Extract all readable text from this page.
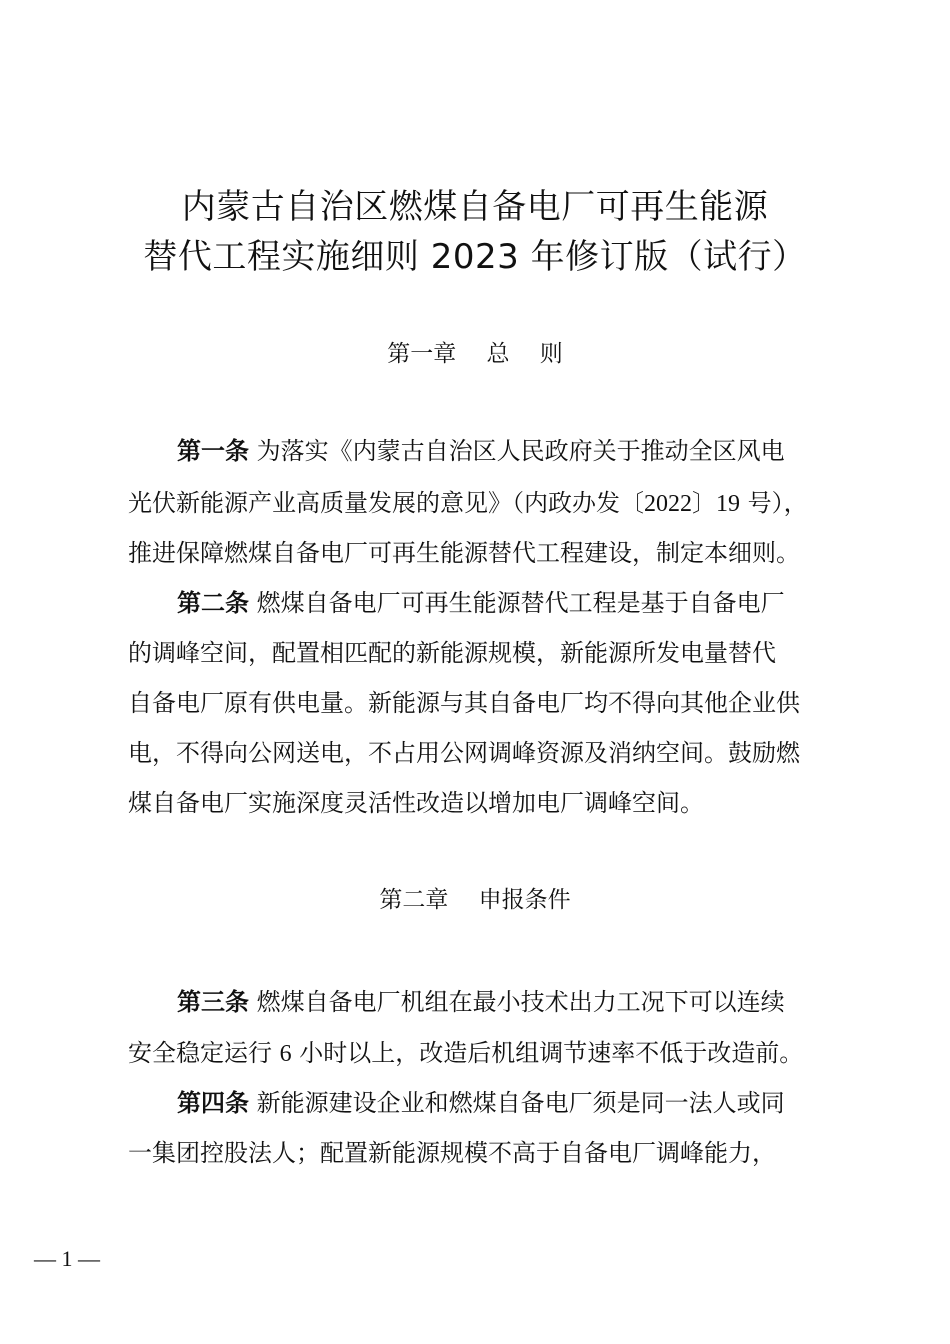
内蒙古自治区燃煤自备电厂可再生能源
替代工程实施细则 2023 年修订版（试行）
第一章　 总　 则
第一条 为落实《内蒙古自治区人民政府关于推动全区风电
光伏新能源产业高质量发展的意见》（内政办发〔2022〕19 号），
推进保障燃煤自备电厂可再生能源替代工程建设，制定本细则。
第二条 燃煤自备电厂可再生能源替代工程是基于自备电厂
的调峰空间，配置相匹配的新能源规模，新能源所发电量替代
自备电厂原有供电量。新能源与其自备电厂均不得向其他企业供
电，不得向公网送电，不占用公网调峰资源及消纳空间。鼓励燃
煤自备电厂实施深度灵活性改造以增加电厂调峰空间。
第二章　 申报条件
第三条 燃煤自备电厂机组在最小技术出力工况下可以连续
安全稳定运行 6 小时以上，改造后机组调节速率不低于改造前。
第四条 新能源建设企业和燃煤自备电厂须是同一法人或同
一集团控股法人；配置新能源规模不高于自备电厂调峰能力，
— 1 —
